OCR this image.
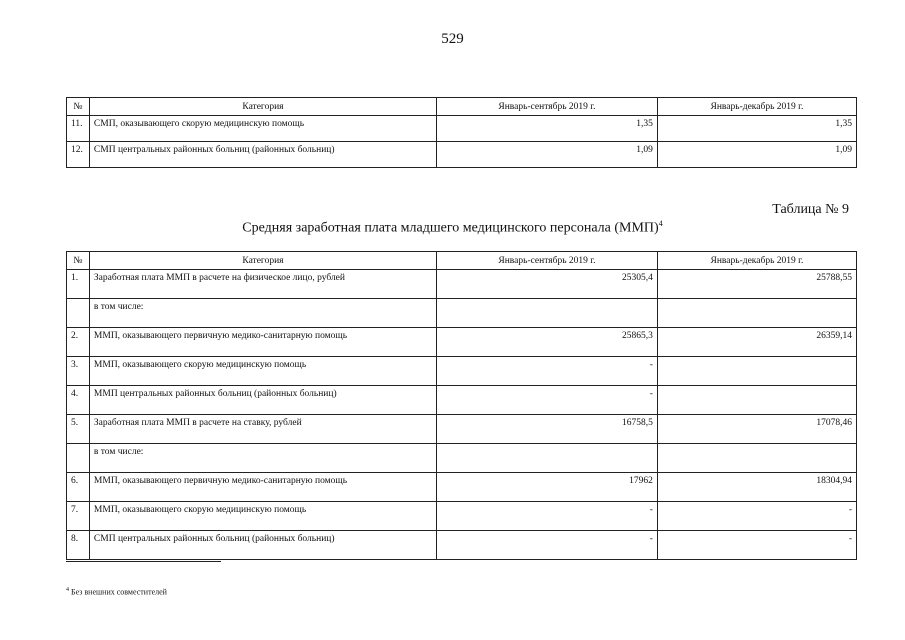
529
№	Категория	Январь-сентябрь 2019 г.	Январь-декабрь 2019 г.
11.	СМП, оказывающего скорую медицинскую помощь	1,35	1,35
12.	СМП центральных районных больниц (районных больниц)	1,09	1,09
Таблица № 9
Средняя заработная плата младшего медицинского персонала (ММП)$^4$
№	Категория	Январь-сентябрь 2019 г.	Январь-декабрь 2019 г.
1.	Заработная плата ММП в расчете на физическое лицо, рублей	25305,4	25788,55
	в том числе:		
2.	ММП, оказывающего первичную медико-санитарную помощь	25865,3	26359,14
3.	ММП, оказывающего скорую медицинскую помощь	-	
4.	ММП центральных районных больниц (районных больниц)	-	
5.	Заработная плата ММП в расчете на ставку, рублей	16758,5	17078,46
	в том числе:		
6.	ММП, оказывающего первичную медико-санитарную помощь	17962	18304,94
7.	ММП, оказывающего скорую медицинскую помощь	-	-
8.	СМП центральных районных больниц (районных больниц)	-	-
$^4$ Без внешних совместителей
